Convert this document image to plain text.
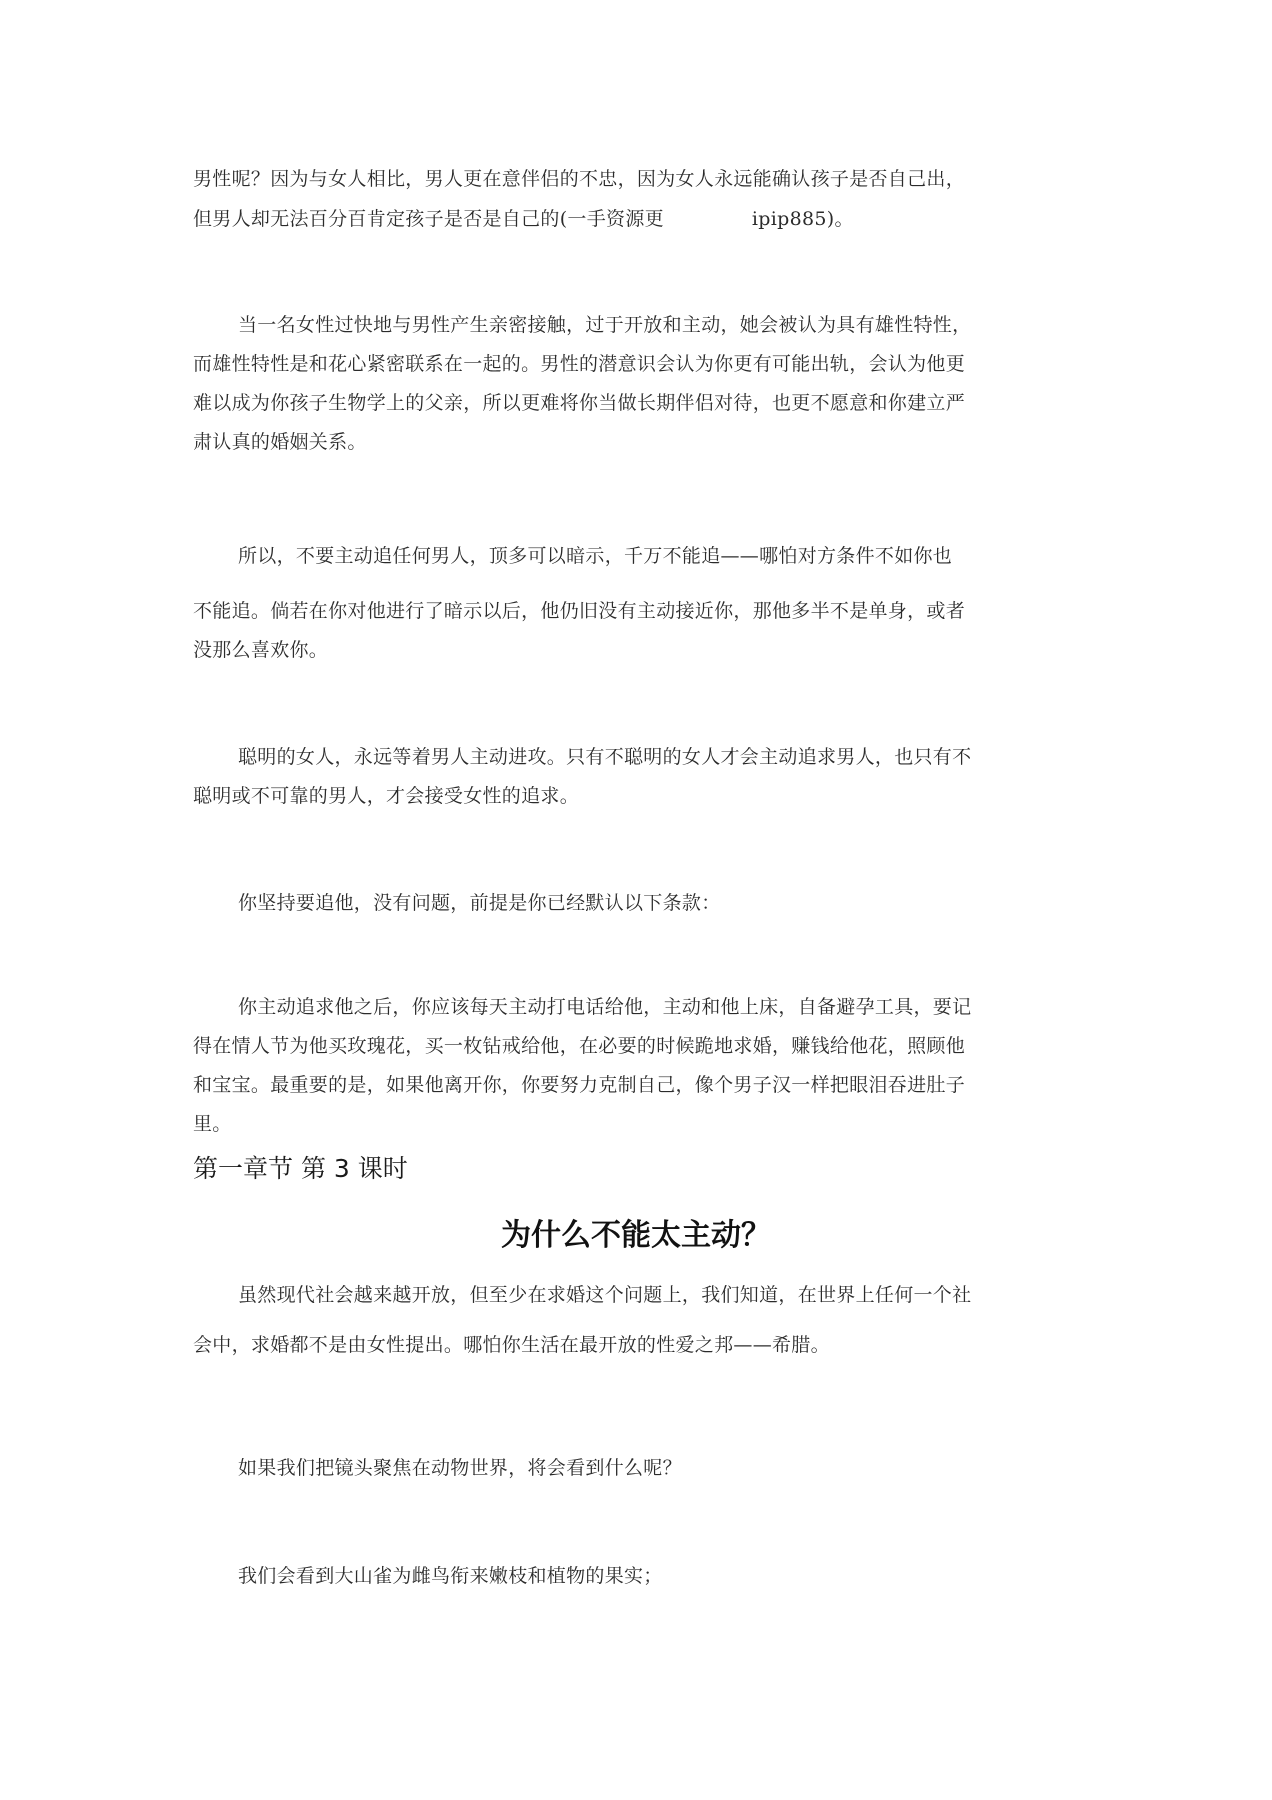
男性呢？因为与女人相比，男人更在意伴侣的不忠，因为女人永远能确认孩子是否自己出，
但男人却无法百分百肯定孩子是否是自己的(一手资源更	ipip885)。
当一名女性过快地与男性产生亲密接触，过于开放和主动，她会被认为具有雄性特性，
而雄性特性是和花心紧密联系在一起的。男性的潜意识会认为你更有可能出轨，会认为他更
难以成为你孩子生物学上的父亲，所以更难将你当做长期伴侣对待，也更不愿意和你建立严
肃认真的婚姻关系。
所以，不要主动追任何男人，顶多可以暗示，千万不能追——哪怕对方条件不如你也
不能追。倘若在你对他进行了暗示以后，他仍旧没有主动接近你，那他多半不是单身，或者
没那么喜欢你。
聪明的女人，永远等着男人主动进攻。只有不聪明的女人才会主动追求男人，也只有不
聪明或不可靠的男人，才会接受女性的追求。
你坚持要追他，没有问题，前提是你已经默认以下条款：
你主动追求他之后，你应该每天主动打电话给他，主动和他上床，自备避孕工具，要记
得在情人节为他买玫瑰花，买一枚钻戒给他，在必要的时候跪地求婚，赚钱给他花，照顾他
和宝宝。最重要的是，如果他离开你，你要努力克制自己，像个男子汉一样把眼泪吞进肚子
里。
第一章节 第 3 课时
为什么不能太主动？
虽然现代社会越来越开放，但至少在求婚这个问题上，我们知道，在世界上任何一个社
会中，求婚都不是由女性提出。哪怕你生活在最开放的性爱之邦——希腊。
如果我们把镜头聚焦在动物世界，将会看到什么呢？
我们会看到大山雀为雌鸟衔来嫩枝和植物的果实；
